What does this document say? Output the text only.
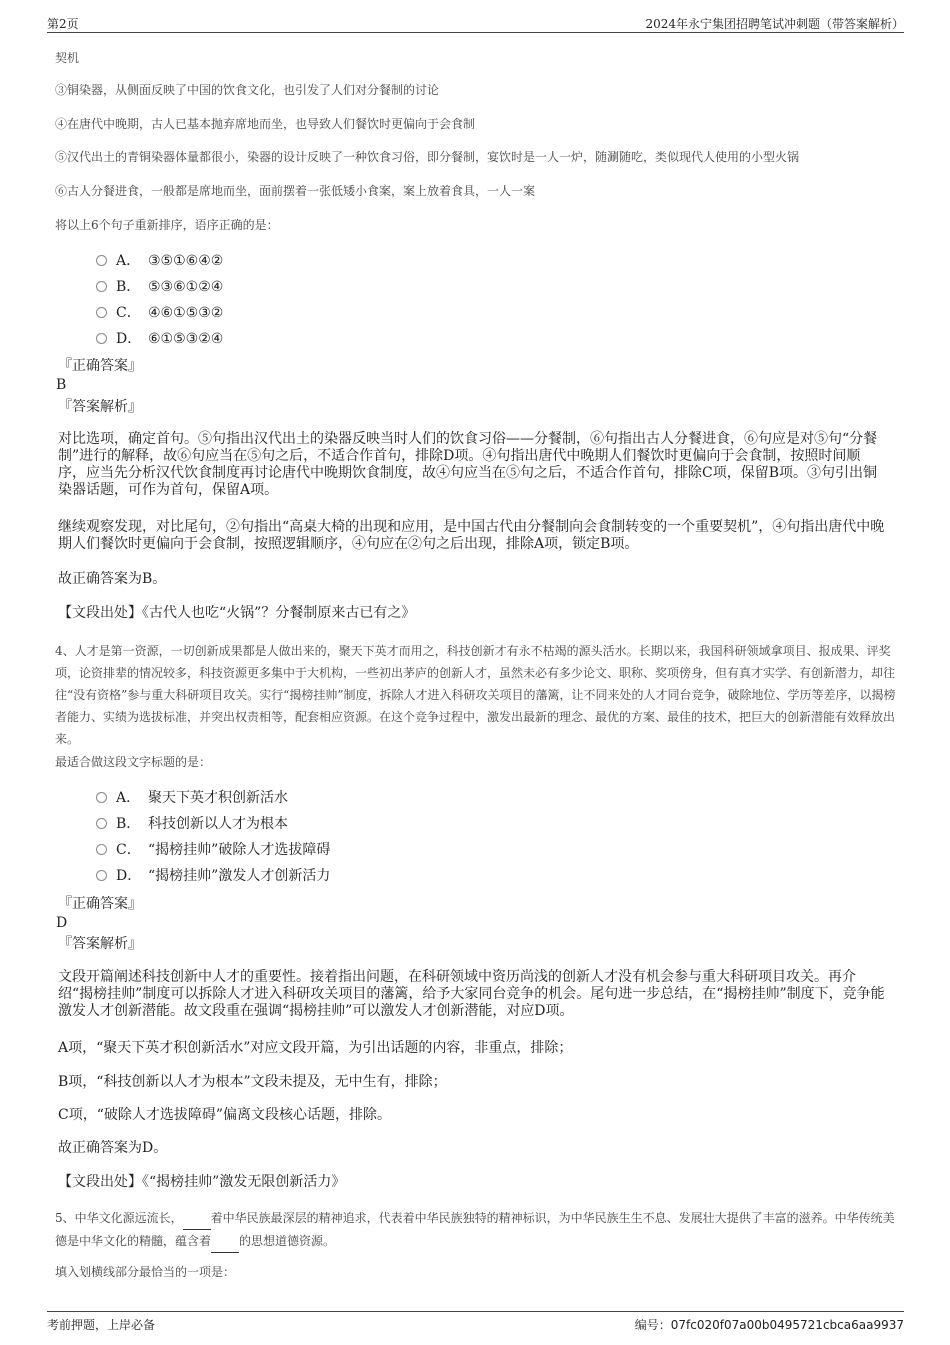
第2页	2024年永宁集团招聘笔试冲刺题（带答案解析）
契机
③铜染器，从侧面反映了中国的饮食文化，也引发了人们对分餐制的讨论
④在唐代中晚期，古人已基本抛弃席地而坐，也导致人们餐饮时更偏向于会食制
⑤汉代出土的青铜染器体量都很小，染器的设计反映了一种饮食习俗，即分餐制，宴饮时是一人一炉，随涮随吃，类似现代人使用的小型火锅
⑥古人分餐进食，一般都是席地而坐，面前摆着一张低矮小食案，案上放着食具，一人一案
将以上6个句子重新排序，语序正确的是：
A． ③⑤①⑥④②
B． ⑤③⑥①②④
C． ④⑥①⑤③②
D． ⑥①⑤③②④
『正确答案』
B
『答案解析』
对比选项，确定首句。⑤句指出汉代出土的染器反映当时人们的饮食习俗——分餐制，⑥句指出古人分餐进食，⑥句应是对⑤句“分餐制”进行的解释，故⑥句应当在⑤句之后，不适合作首句，排除D项。④句指出唐代中晚期人们餐饮时更偏向于会食制，按照时间顺序，应当先分析汉代饮食制度再讨论唐代中晚期饮食制度，故④句应当在⑤句之后，不适合作首句，排除C项，保留B项。③句引出铜染器话题，可作为首句，保留A项。
继续观察发现，对比尾句，②句指出“高桌大椅的出现和应用，是中国古代由分餐制向会食制转变的一个重要契机”，④句指出唐代中晚期人们餐饮时更偏向于会食制，按照逻辑顺序，④句应在②句之后出现，排除A项，锁定B项。
故正确答案为B。
【文段出处】《古代人也吃“火锅”？分餐制原来古已有之》
4、人才是第一资源，一切创新成果都是人做出来的，聚天下英才而用之，科技创新才有永不枯竭的源头活水。长期以来，我国科研领域拿项目、报成果、评奖项，论资排辈的情况较多，科技资源更多集中于大机构，一些初出茅庐的创新人才，虽然未必有多少论文、职称、奖项傍身，但有真才实学、有创新潜力，却往往“没有资格”参与重大科研项目攻关。实行“揭榜挂帅”制度，拆除人才进入科研攻关项目的藩篱，让不同来处的人才同台竞争，破除地位、学历等差序，以揭榜者能力、实绩为选拔标准，并突出权责相等，配套相应资源。在这个竞争过程中，激发出最新的理念、最优的方案、最佳的技术，把巨大的创新潜能有效释放出来。
最适合做这段文字标题的是：
A． 聚天下英才积创新活水
B． 科技创新以人才为根本
C． “揭榜挂帅”破除人才选拔障碍
D． “揭榜挂帅”激发人才创新活力
『正确答案』
D
『答案解析』
文段开篇阐述科技创新中人才的重要性。接着指出问题，在科研领域中资历尚浅的创新人才没有机会参与重大科研项目攻关。再介绍“揭榜挂帅”制度可以拆除人才进入科研攻关项目的藩篱，给予大家同台竞争的机会。尾句进一步总结，在“揭榜挂帅”制度下，竞争能激发人才创新潜能。故文段重在强调“揭榜挂帅”可以激发人才创新潜能，对应D项。
A项，“聚天下英才积创新活水”对应文段开篇，为引出话题的内容，非重点，排除；
B项，“科技创新以人才为根本”文段未提及，无中生有，排除；
C项，“破除人才选拔障碍”偏离文段核心话题，排除。
故正确答案为D。
【文段出处】《“揭榜挂帅”激发无限创新活力》
5、中华文化源远流长， 着中华民族最深层的精神追求，代表着中华民族独特的精神标识，为中华民族生生不息、发展壮大提供了丰富的滋养。中华传统美德是中华文化的精髓，蕴含着 的思想道德资源。
填入划横线部分最恰当的一项是：
考前押题，上岸必备	编号：07fc020f07a00b0495721cbca6aa9937
